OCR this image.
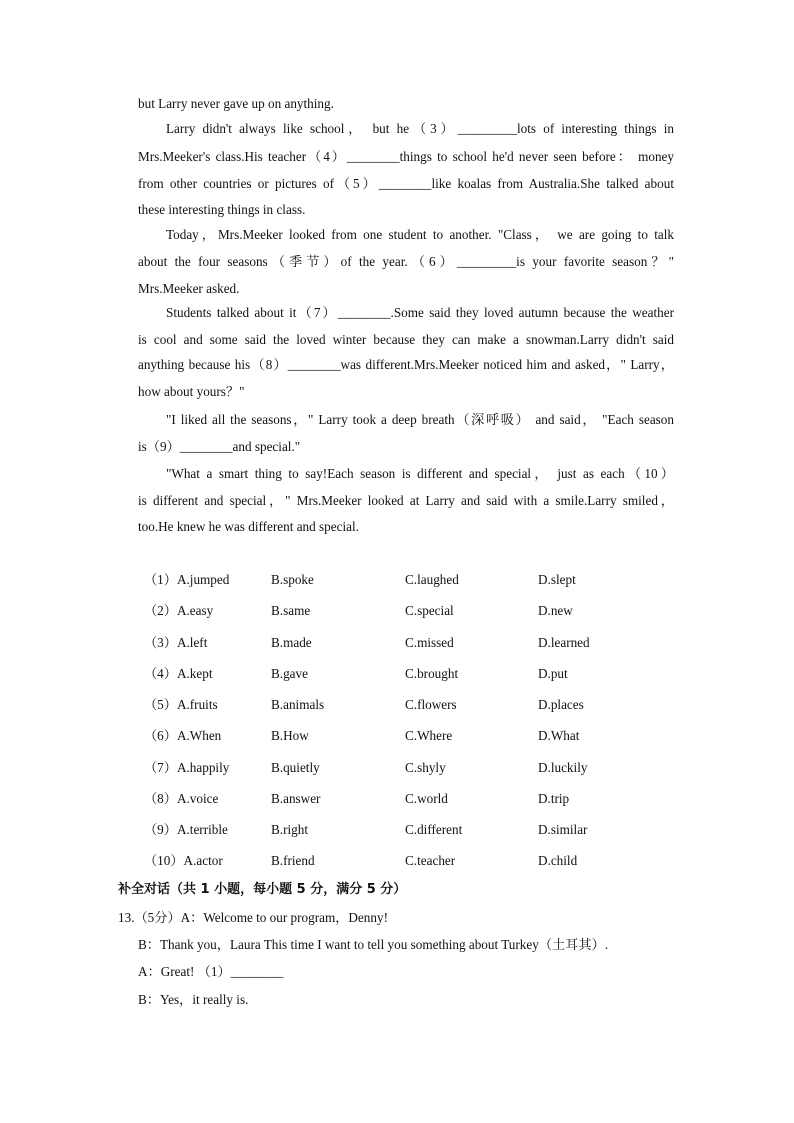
but Larry never gave up on anything.
Larry didn't always like school， but he（3）_________lots of interesting things in
Mrs.Meeker's class.His teacher（4）________things to school he'd never seen before： money
from other countries or pictures of（5）________like koalas from Australia.She talked about
these interesting things in class.
Today，Mrs.Meeker looked from one student to another. "Class， we are going to talk
about the four seasons（季节）of the year.（6）_________is your favorite season？"
Mrs.Meeker asked.
Students talked about it（7）________.Some said they loved autumn because the weather
is cool and some said the loved winter because they can make a snowman.Larry didn't said
anything because his（8）________was different.Mrs.Meeker noticed him and asked，" Larry，
how about yours？"
"I liked all the seasons，" Larry took a deep breath（深呼吸） and said， "Each season
is（9）________and special."
"What a smart thing to say!Each season is different and special， just as each（10）
is different and special，" Mrs.Meeker looked at Larry and said with a smile.Larry smiled，
too.He knew he was different and special.
（1）A.jumped	B.spoke	C.laughed	D.slept
（2）A.easy	B.same	C.special	D.new
（3）A.left	B.made	C.missed	D.learned
（4）A.kept	B.gave	C.brought	D.put
（5）A.fruits	B.animals	C.flowers	D.places
（6）A.When	B.How	C.Where	D.What
（7）A.happily	B.quietly	C.shyly	D.luckily
（8）A.voice	B.answer	C.world	D.trip
（9）A.terrible	B.right	C.different	D.similar
（10）A.actor	B.friend	C.teacher	D.child
补全对话（共 1 小题，每小题 5 分，满分 5 分）
13.（5分）A：Welcome to our program，Denny!
B：Thank you，Laura This time I want to tell you something about Turkey（土耳其）.
A：Great! （1）________
B：Yes，it really is.
